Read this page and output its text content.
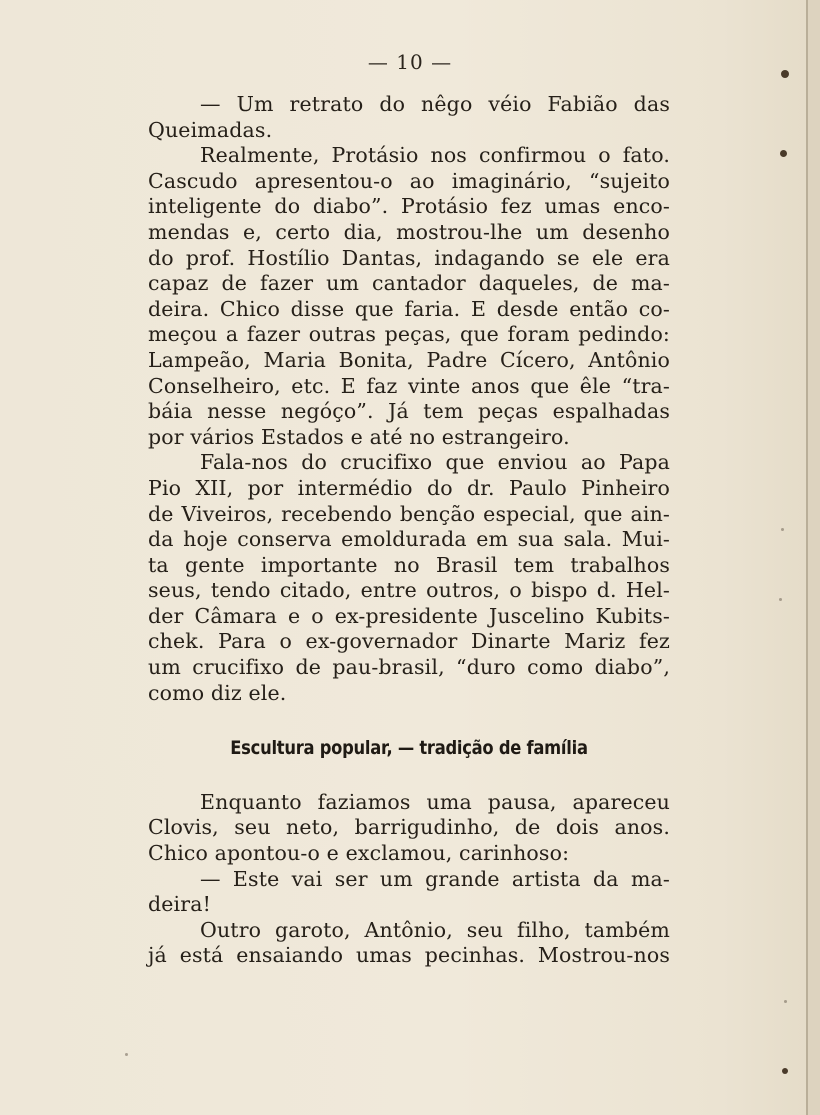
— 10 —
— Um retrato do nêgo véio Fabião das
Queimadas.
Realmente, Protásio nos confirmou o fato.
Cascudo apresentou-o ao imaginário, “sujeito
inteligente do diabo”. Protásio fez umas enco-
mendas e, certo dia, mostrou-lhe um desenho
do prof. Hostílio Dantas, indagando se ele era
capaz de fazer um cantador daqueles, de ma-
deira. Chico disse que faria. E desde então co-
meçou a fazer outras peças, que foram pedindo:
Lampeão, Maria Bonita, Padre Cícero, Antônio
Conselheiro, etc. E faz vinte anos que êle “tra-
báia nesse negóço”. Já tem peças espalhadas
por vários Estados e até no estrangeiro.
Fala-nos do crucifixo que enviou ao Papa
Pio XII, por intermédio do dr. Paulo Pinheiro
de Viveiros, recebendo benção especial, que ain-
da hoje conserva emoldurada em sua sala. Mui-
ta gente importante no Brasil tem trabalhos
seus, tendo citado, entre outros, o bispo d. Hel-
der Câmara e o ex-presidente Juscelino Kubits-
chek. Para o ex-governador Dinarte Mariz fez
um crucifixo de pau-brasil, “duro como diabo”,
como diz ele.
Escultura popular, — tradição de família
Enquanto faziamos uma pausa, apareceu
Clovis, seu neto, barrigudinho, de dois anos.
Chico apontou-o e exclamou, carinhoso:
— Este vai ser um grande artista da ma-
deira!
Outro garoto, Antônio, seu filho, também
já está ensaiando umas pecinhas. Mostrou-nos
